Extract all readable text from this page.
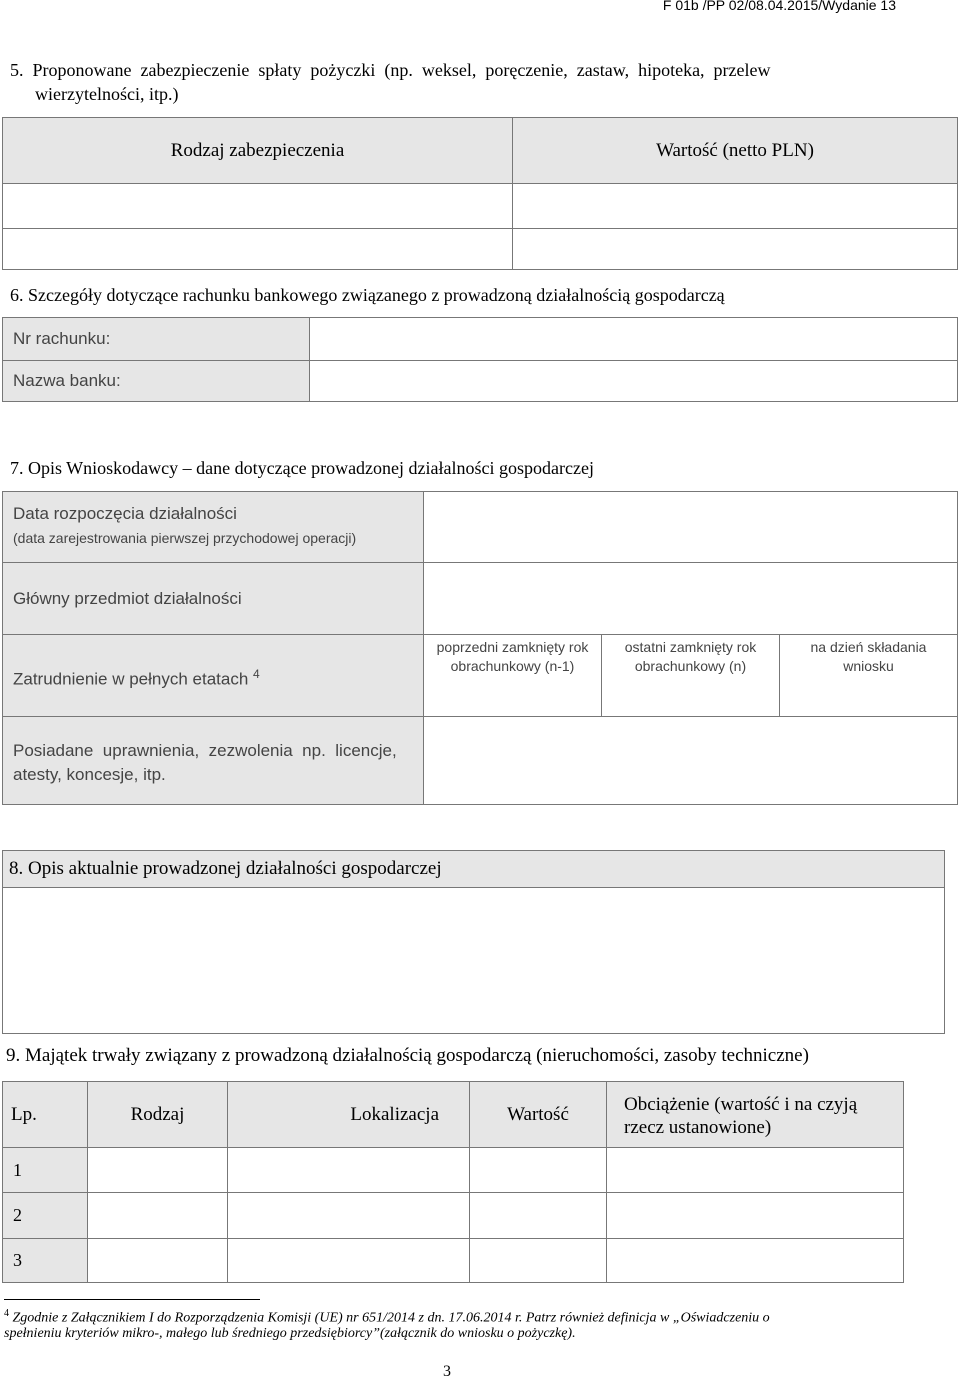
F 01b /PP 02/08.04.2015/Wydanie 13
5.  Proponowane  zabezpieczenie  spłaty  pożyczki  (np.  weksel,  poręczenie,  zastaw,  hipoteka,  przelew
wierzytelności, itp.)
Rodzaj zabezpieczenia	Wartość (netto PLN)
6. Szczegóły dotyczące rachunku bankowego związanego z prowadzoną działalnością gospodarczą
Nr rachunku:
Nazwa banku:
7. Opis Wnioskodawcy – dane dotyczące prowadzonej działalności gospodarczej
Data rozpoczęcia działalności
(data zarejestrowania pierwszej przychodowej operacji)
Główny przedmiot działalności
Zatrudnienie w pełnych etatach $^4$
poprzedni zamknięty rok obrachunkowy (n-1)
ostatni zamknięty rok obrachunkowy (n)
na dzień składania wniosku
Posiadane  uprawnienia,  zezwolenia  np.  licencje,
atesty, koncesje, itp.
8. Opis aktualnie prowadzonej działalności gospodarczej
9. Majątek trwały związany z prowadzoną działalnością gospodarczą (nieruchomości, zasoby techniczne)
Lp.	Rodzaj	Lokalizacja	Wartość	Obciążenie (wartość i na czyją
rzecz ustanowione)
1
2
3
$^4$ Zgodnie z Załącznikiem I do Rozporządzenia Komisji (UE) nr 651/2014 z dn. 17.06.2014 r. Patrz również definicja w „Oświadczeniu o
spełnieniu kryteriów mikro-, małego lub średniego przedsiębiorcy”(załącznik do wniosku o pożyczkę).
3
